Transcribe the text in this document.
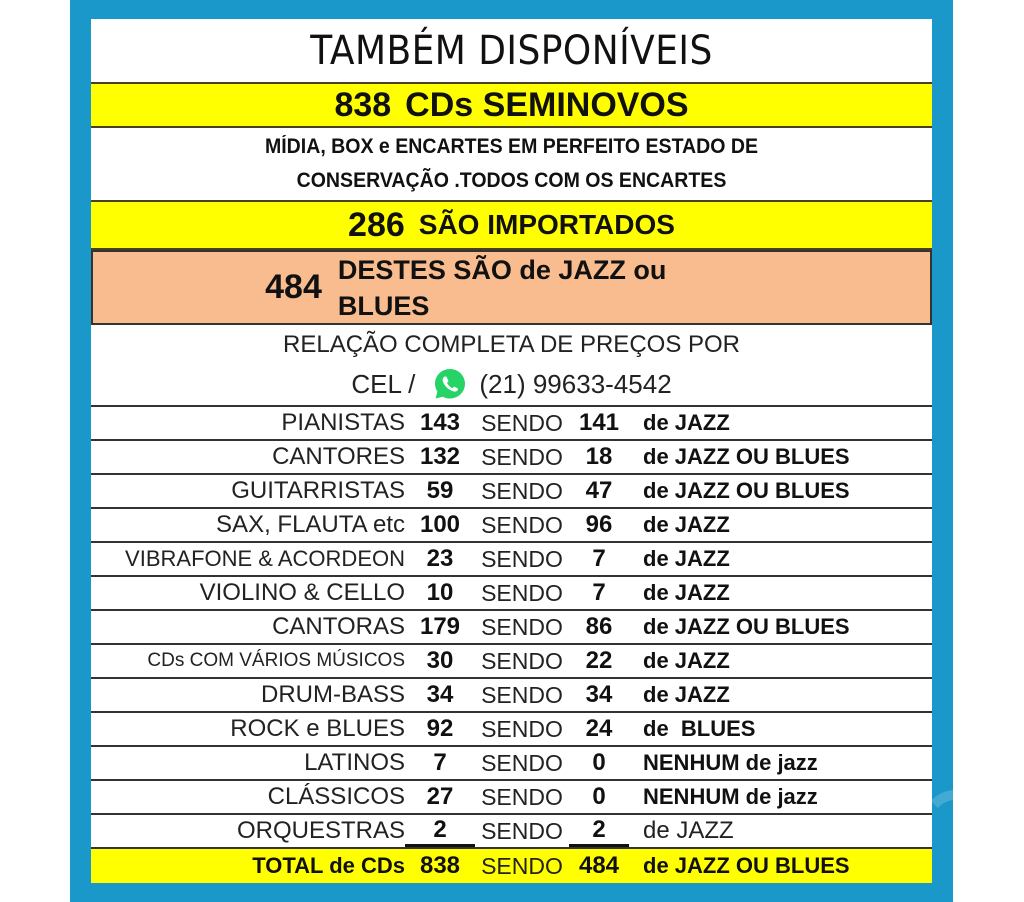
TAMBÉM DISPONÍVEIS
838 CDs SEMINOVOS
MÍDIA, BOX e ENCARTES EM PERFEITO ESTADO DE
CONSERVAÇÃO .TODOS COM OS ENCARTES
286 SÃO IMPORTADOS
484 DESTES SÃO de JAZZ ou BLUES
RELAÇÃO COMPLETA DE PREÇOS POR
CEL / (21) 99633-4542
PIANISTAS 143 SENDO 141	de JAZZ
CANTORES 132 SENDO 18	de JAZZ OU BLUES
GUITARRISTAS 59	SENDO 47	de JAZZ OU BLUES
SAX, FLAUTA etc 100 SENDO 96	de JAZZ
VIBRAFONE & ACORDEON 23	SENDO	7	de JAZZ
VIOLINO & CELLO 10	SENDO	7	de JAZZ
CANTORAS 179 SENDO 86	de JAZZ OU BLUES
CDs COM VÁRIOS MÚSICOS 30	SENDO 22	de JAZZ
DRUM-BASS 34	SENDO 34	de JAZZ
ROCK e BLUES 92	SENDO 24	de  BLUES
LATINOS	7	SENDO	0	NENHUM de jazz
CLÁSSICOS 27	SENDO	0	NENHUM de jazz
ORQUESTRAS	2	SENDO	2	de JAZZ
TOTAL de CDs 838 SENDO 484	de JAZZ OU BLUES
